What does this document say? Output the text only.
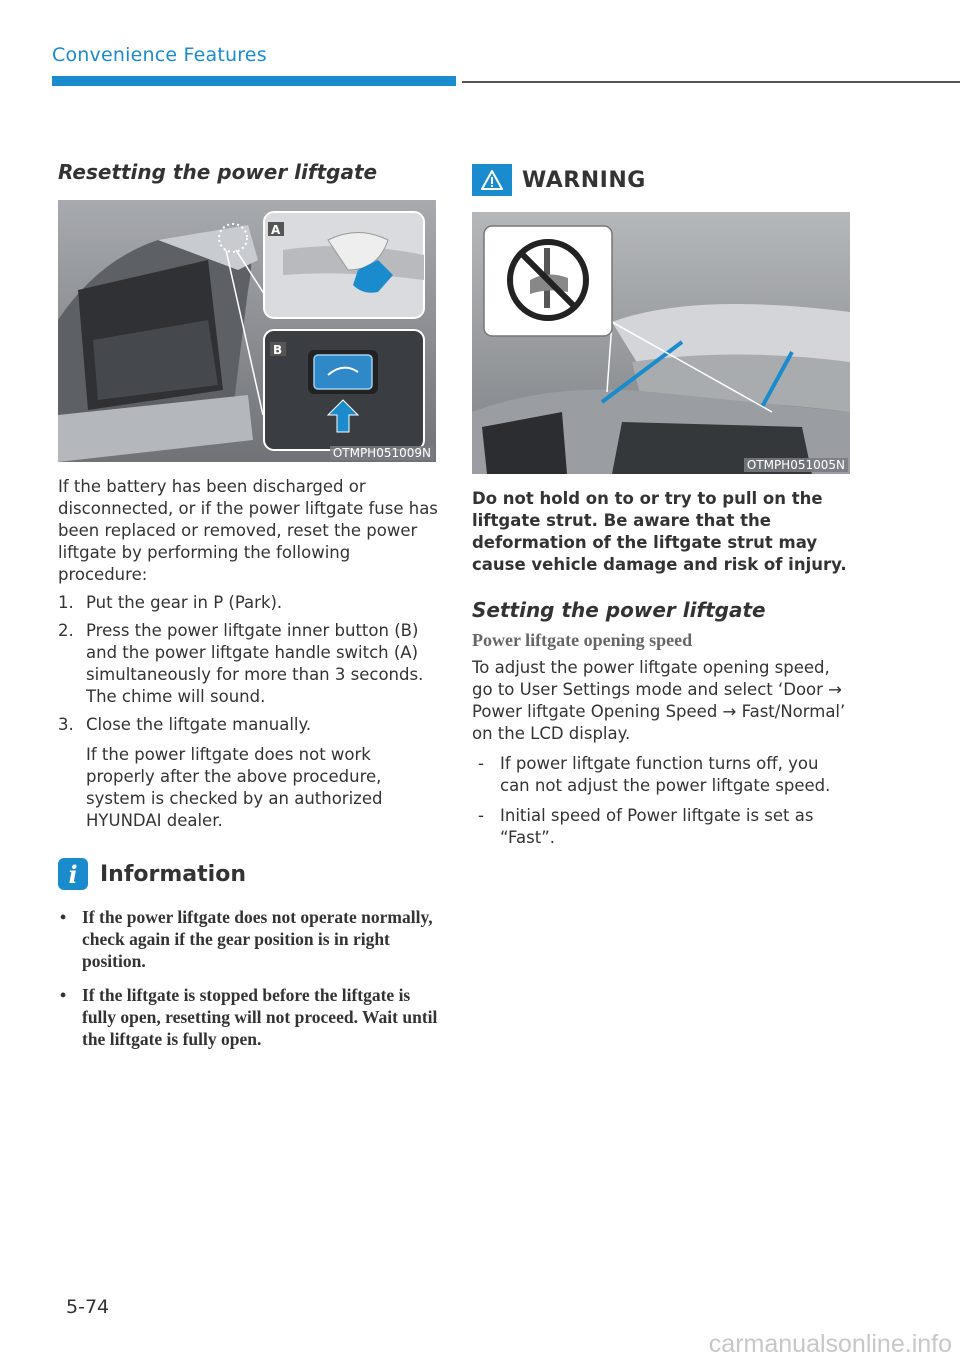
Convenience Features
Resetting the power liftgate
A
B
OTMPH051009N

If the battery has been discharged or disconnected, or if the power liftgate fuse has been replaced or removed, reset the power liftgate by performing the following procedure:

1. Put the gear in P (Park).
2. Press the power liftgate inner button (B) and the power liftgate handle switch (A) simultaneously for more than 3 seconds. The chime will sound.
3. Close the liftgate manually.
If the power liftgate does not work properly after the above procedure, system is checked by an authorized HYUNDAI dealer.
i	Information
• If the power liftgate does not operate normally, check again if the gear position is in right position.
• If the liftgate is stopped before the liftgate is fully open, resetting will not proceed. Wait until the liftgate is fully open.
WARNING
OTMPH051005N

Do not hold on to or try to pull on the liftgate strut. Be aware that the deformation of the liftgate strut may cause vehicle damage and risk of injury.

Setting the power liftgate
Power liftgate opening speed

To adjust the power liftgate opening speed, go to User Settings mode and select ‘Door → Power liftgate Opening Speed → Fast/Normal’ on the LCD display.

- If power liftgate function turns off, you can not adjust the power liftgate speed.
- Initial speed of Power liftgate is set as “Fast”.
5-74
carmanualsonline.info
